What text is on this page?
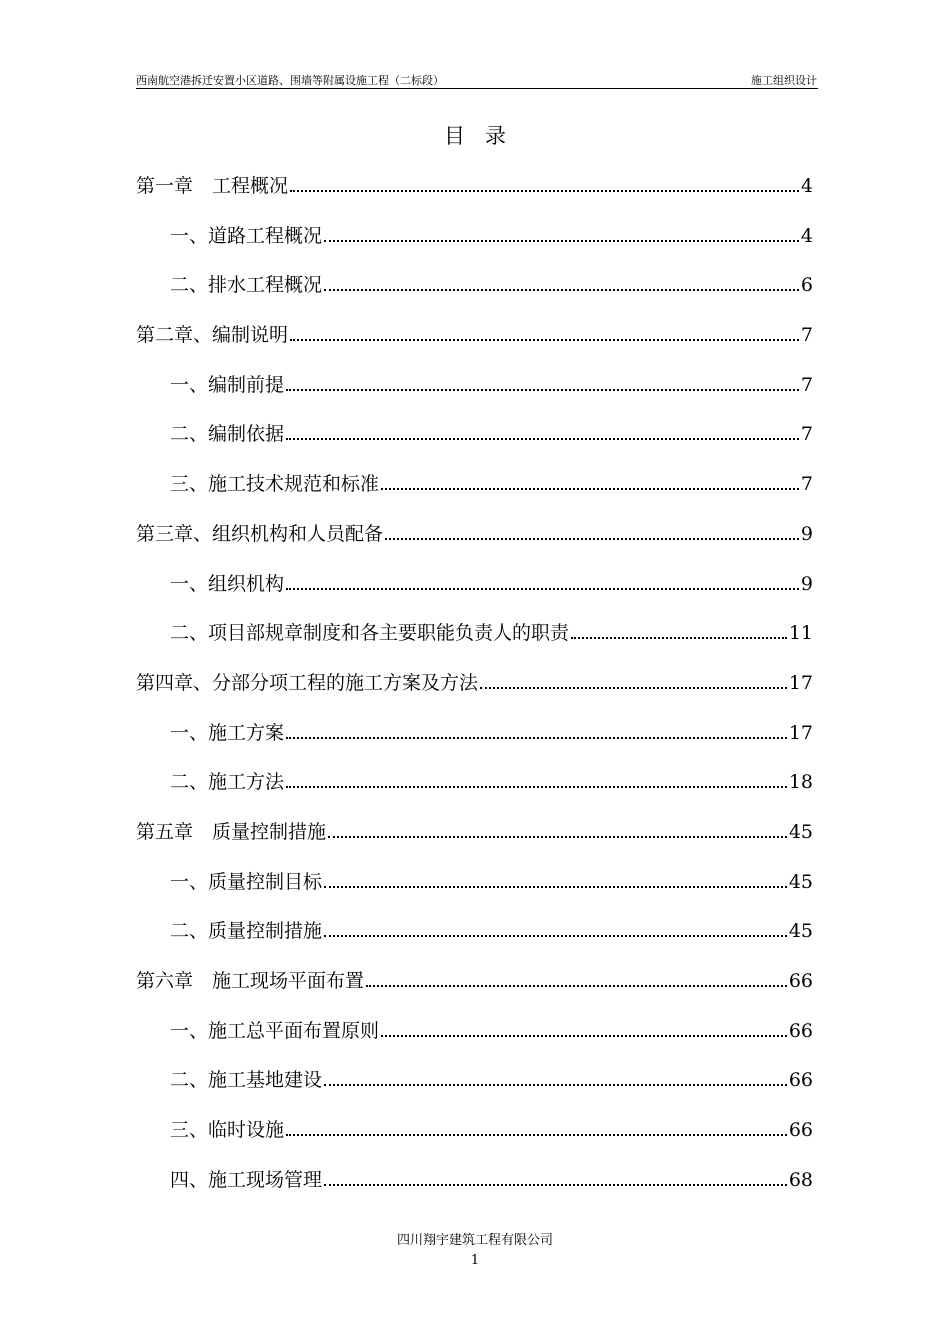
西南航空港拆迁安置小区道路、围墙等附属设施工程（二标段）	施工组织设计
目录
第一章　工程概况	4
一、道路工程概况	4
二、排水工程概况	6
第二章、编制说明	7
一、编制前提	7
二、编制依据	7
三、施工技术规范和标准	7
第三章、组织机构和人员配备	9
一、组织机构	9
二、项目部规章制度和各主要职能负责人的职责	11
第四章、分部分项工程的施工方案及方法	17
一、施工方案	17
二、施工方法	18
第五章　质量控制措施	45
一、质量控制目标	45
二、质量控制措施	45
第六章　施工现场平面布置	66
一、施工总平面布置原则	66
二、施工基地建设	66
三、临时设施	66
四、施工现场管理	68
四川翔宇建筑工程有限公司
1
